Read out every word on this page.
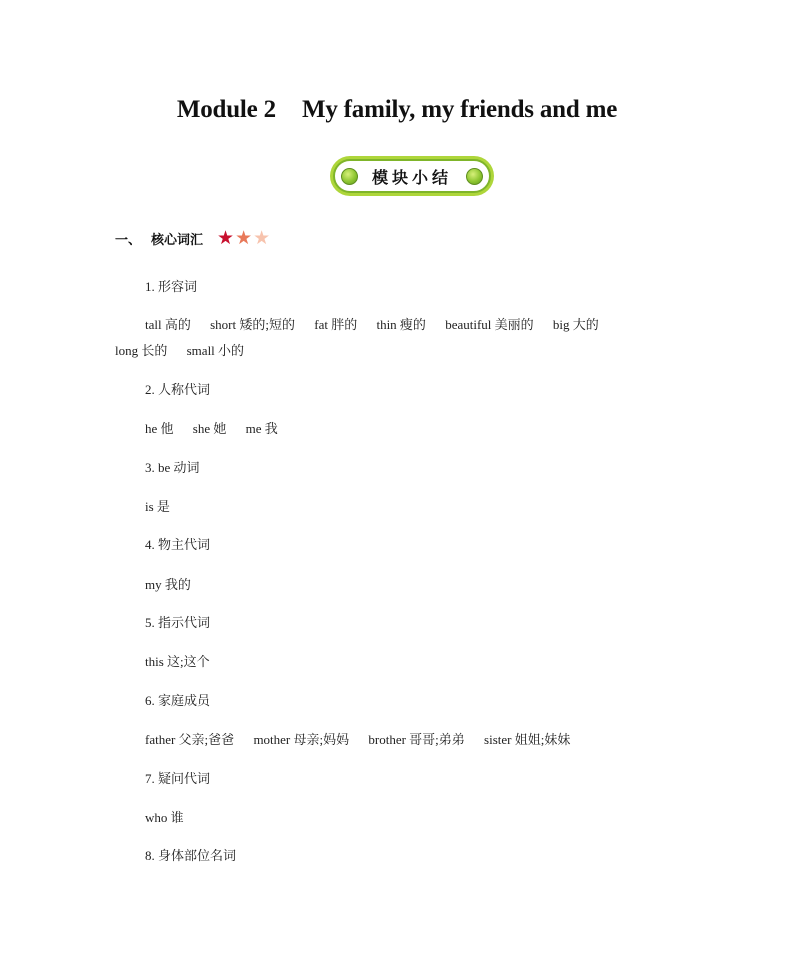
Module 2 My family, my friends and me
模块小结
一、 核心词汇 ★ ★ ★
1. 形容词
tall 高的 short 矮的;短的 fat 胖的 thin 瘦的 beautiful 美丽的 big 大的
long 长的 small 小的
2. 人称代词
he 他 she 她 me 我
3. be 动词
is 是
4. 物主代词
my 我的
5. 指示代词
this 这;这个
6. 家庭成员
father 父亲;爸爸 mother 母亲;妈妈 brother 哥哥;弟弟 sister 姐姐;妹妹
7. 疑问代词
who 谁
8. 身体部位名词
